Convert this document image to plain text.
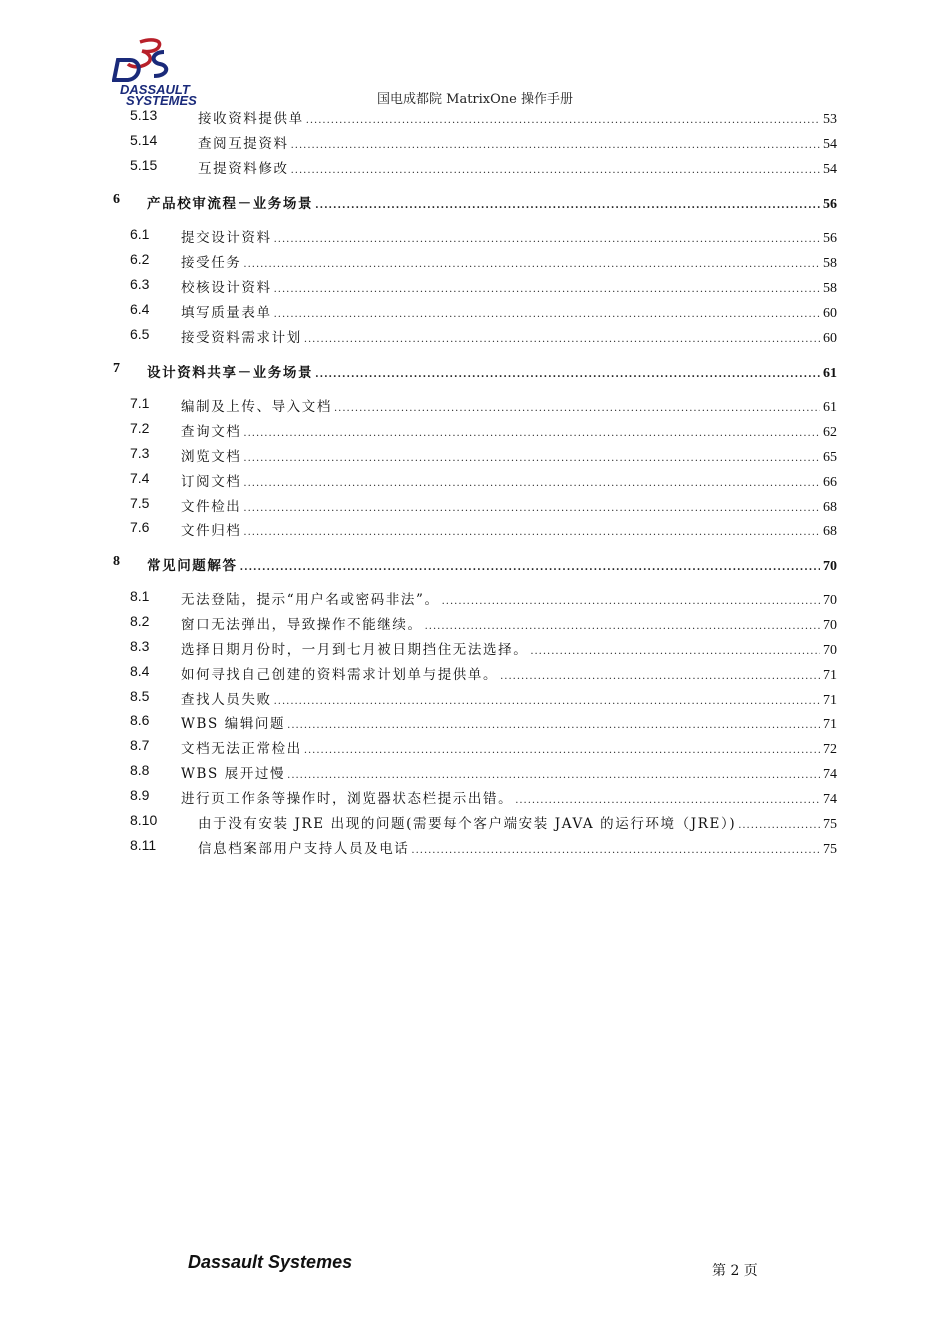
DASSAULT
SYSTEMES	国电成都院 MatrixOne 操作手册
5.13	接收资料提供单 .....	53
5.14	查阅互提资料 .....	54
5.15	互提资料修改 .....	54
6 产品校审流程－业务场景 .....	56
6.1 提交设计资料 .....	56
6.2 接受任务 .....	58
6.3 校核设计资料 .....	58
6.4 填写质量表单 .....	60
6.5 接受资料需求计划 .....	60
7 设计资料共享－业务场景 .....	61
7.1 编制及上传、导入文档 .....	61
7.2 查询文档 .....	62
7.3 浏览文档 .....	65
7.4 订阅文档 .....	66
7.5 文件检出 .....	68
7.6 文件归档 .....	68
8 常见问题解答 .....	70
8.1 无法登陆，提示“用户名或密码非法”。 .....	70
8.2 窗口无法弹出，导致操作不能继续。 .....	70
8.3 选择日期月份时，一月到七月被日期挡住无法选择。 .....	70
8.4 如何寻找自己创建的资料需求计划单与提供单。 .....	71
8.5 查找人员失败 .....	71
8.6 WBS 编辑问题 .....	71
8.7 文档无法正常检出 .....	72
8.8 WBS 展开过慢 .....	74
8.9 进行页工作条等操作时，浏览器状态栏提示出错。 .....	74
8.10	由于没有安装 JRE 出现的问题(需要每个客户端安装 JAVA 的运行环境（JRE）) .....	75
8.11	信息档案部用户支持人员及电话 .....	75
Dassault Systemes	第 2 页
